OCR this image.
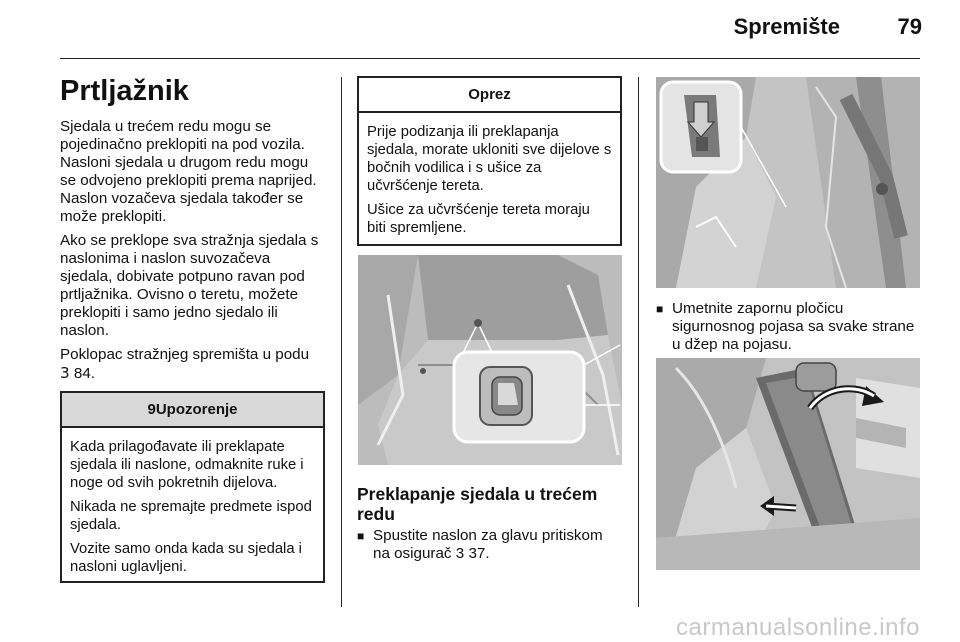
Spremište	79
Prtljažnik

Sjedala u trećem redu mogu se pojedinačno preklopiti na pod vozila. Nasloni sjedala u drugom redu mogu se odvojeno preklopiti prema naprijed. Naslon vozačeva sjedala također se može preklopiti.

Ako se preklope sva stražnja sjedala s naslonima i naslon suvozačeva sjedala, dobivate potpuno ravan pod prtljažnika. Ovisno o teretu, možete preklopiti i samo jedno sjedalo ili naslon.

Poklopac stražnjeg spremišta u podu 3 84.

9Upozorenje

Kada prilagođavate ili preklapate sjedala ili naslone, odmaknite ruke i noge od svih pokretnih dijelova.

Nikada ne spremajte predmete ispod sjedala.

Vozite samo onda kada su sjedala i nasloni uglavljeni.

Oprez

Prije podizanja ili preklapanja sjedala, morate ukloniti sve dijelove s bočnih vodilica i s ušice za učvršćenje tereta.

Ušice za učvršćenje tereta moraju biti spremljene.

Preklapanje sjedala u trećem redu
■ Spustite naslon za glavu pritiskom na osigurač 3 37.
■ Umetnite zapornu pločicu sigurnosnog pojasa sa svake strane u džep na pojasu.
carmanualsonline.info
